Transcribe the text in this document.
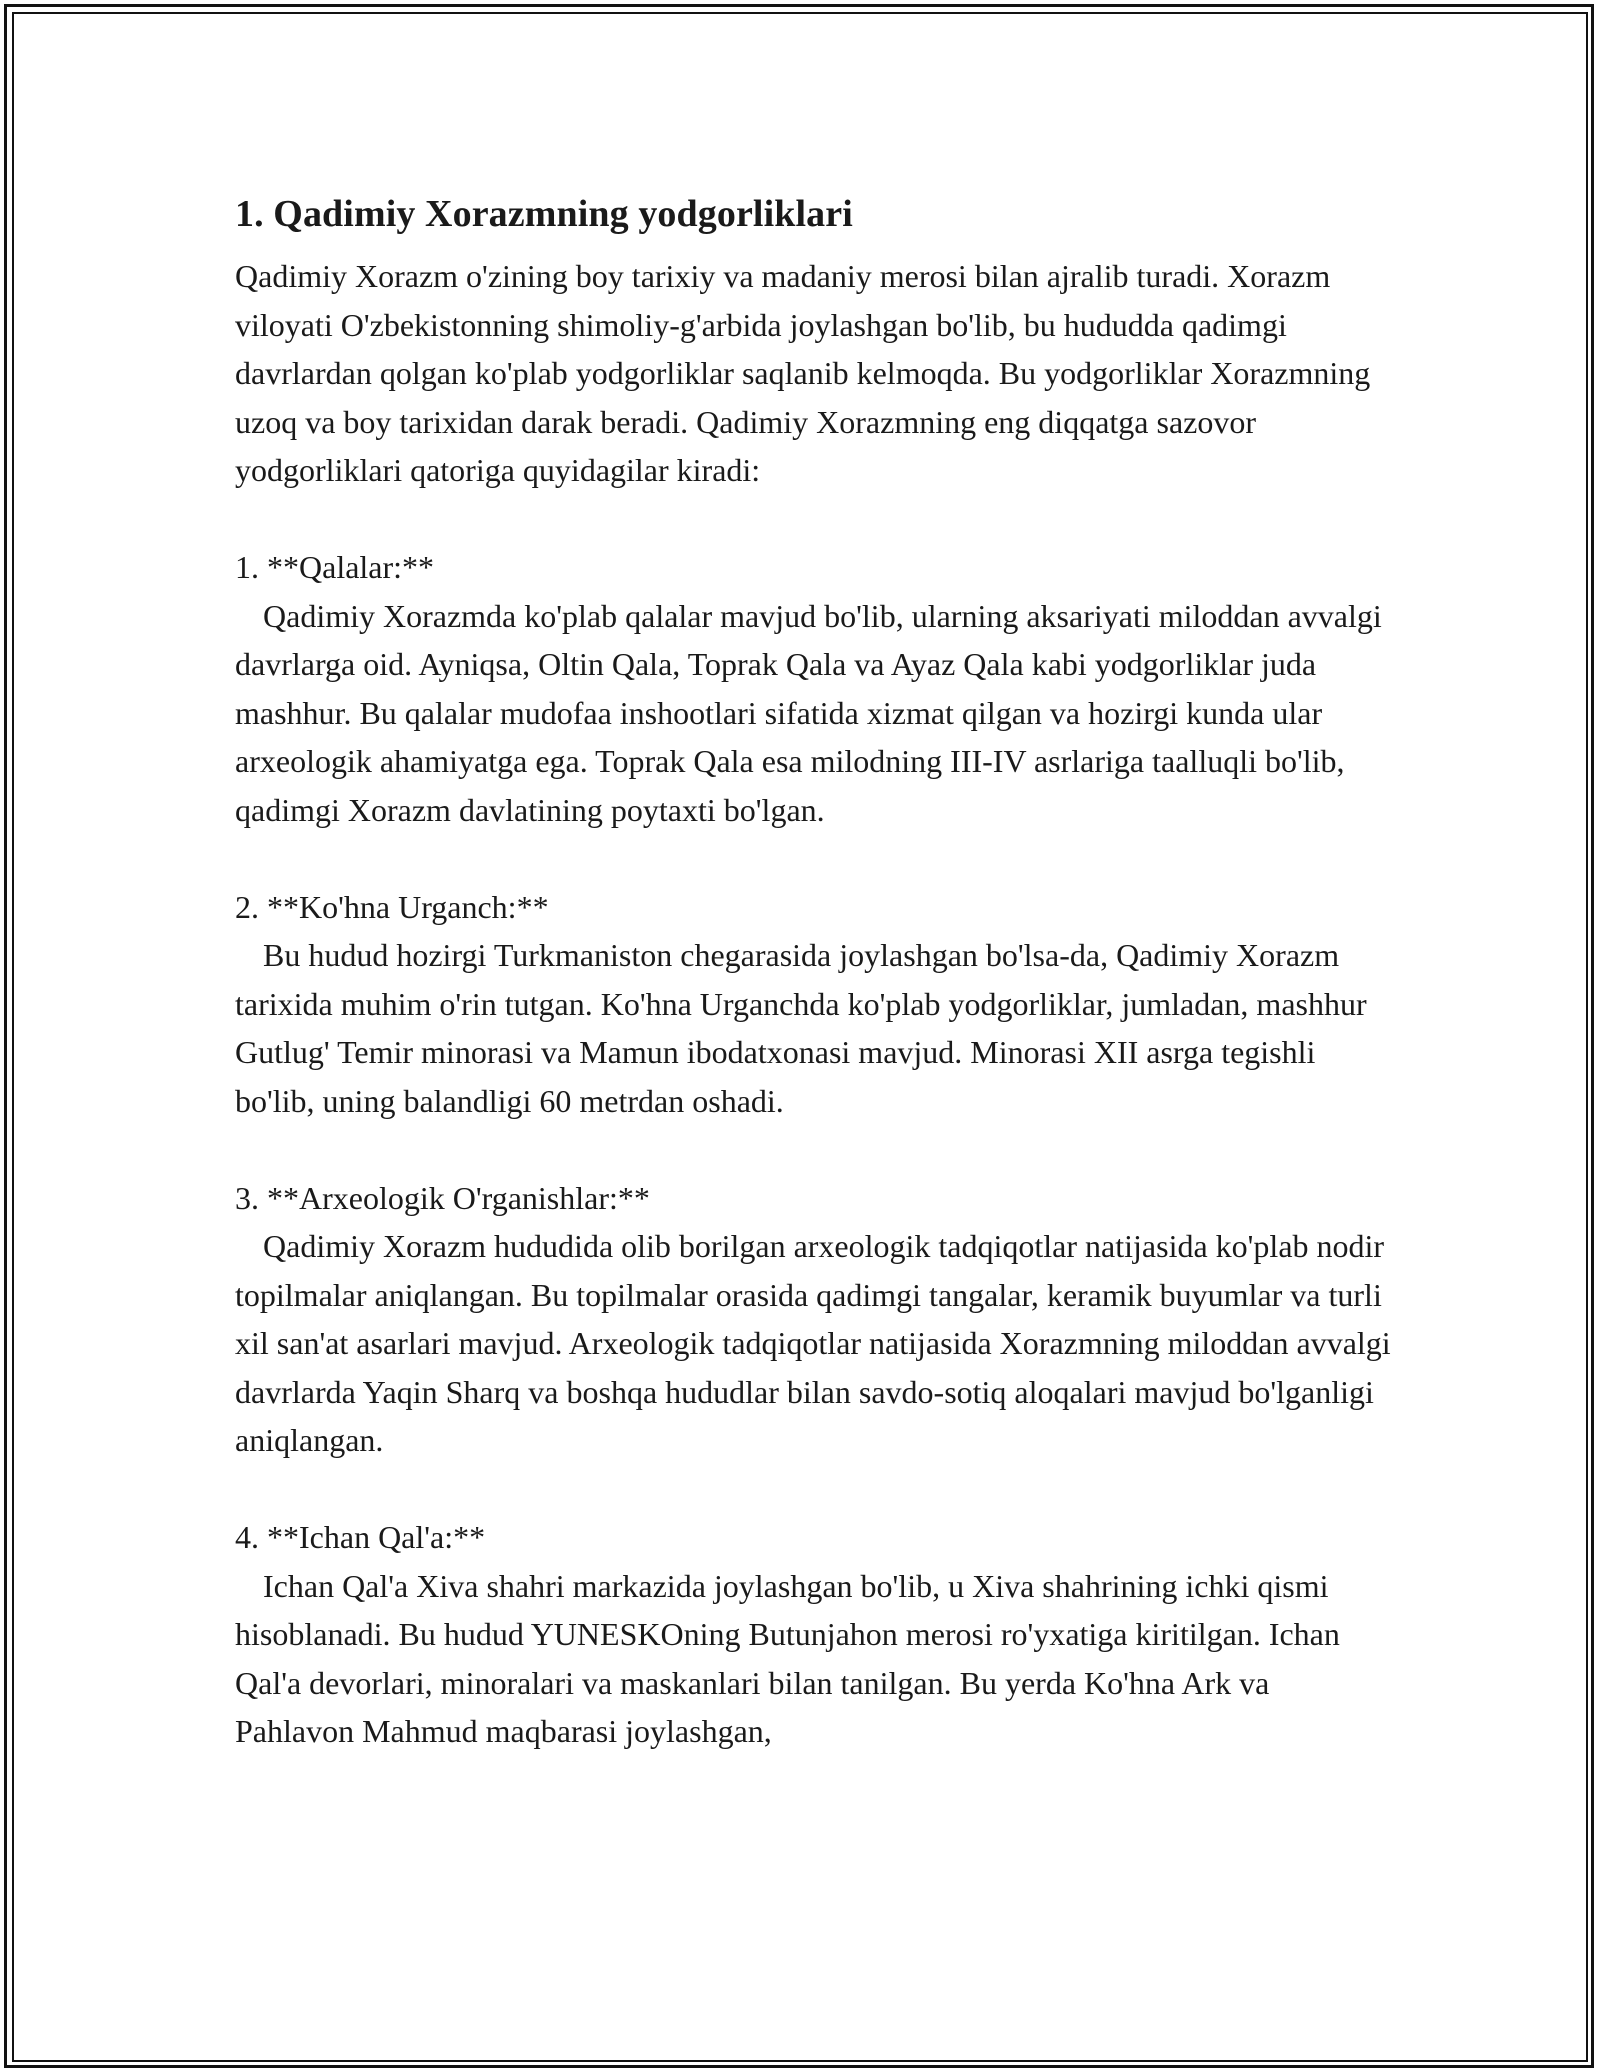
1. Qadimiy Xorazmning yodgorliklari

Qadimiy Xorazm o'zining boy tarixiy va madaniy merosi bilan ajralib turadi. Xorazm viloyati O'zbekistonning shimoliy-g'arbida joylashgan bo'lib, bu hududda qadimgi davrlardan qolgan ko'plab yodgorliklar saqlanib kelmoqda. Bu yodgorliklar Xorazmning uzoq va boy tarixidan darak beradi. Qadimiy Xorazmning eng diqqatga sazovor yodgorliklari qatoriga quyidagilar kiradi:

1. **Qalalar:**

Qadimiy Xorazmda ko'plab qalalar mavjud bo'lib, ularning aksariyati miloddan avvalgi davrlarga oid. Ayniqsa, Oltin Qala, Toprak Qala va Ayaz Qala kabi yodgorliklar juda mashhur. Bu qalalar mudofaa inshootlari sifatida xizmat qilgan va hozirgi kunda ular arxeologik ahamiyatga ega. Toprak Qala esa milodning III-IV asrlariga taalluqli bo'lib, qadimgi Xorazm davlatining poytaxti bo'lgan.

2. **Ko'hna Urganch:**

Bu hudud hozirgi Turkmaniston chegarasida joylashgan bo'lsa-da, Qadimiy Xorazm tarixida muhim o'rin tutgan. Ko'hna Urganchda ko'plab yodgorliklar, jumladan, mashhur Gutlug' Temir minorasi va Mamun ibodatxonasi mavjud. Minorasi XII asrga tegishli bo'lib, uning balandligi 60 metrdan oshadi.

3. **Arxeologik O'rganishlar:**

Qadimiy Xorazm hududida olib borilgan arxeologik tadqiqotlar natijasida ko'plab nodir topilmalar aniqlangan. Bu topilmalar orasida qadimgi tangalar, keramik buyumlar va turli xil san'at asarlari mavjud. Arxeologik tadqiqotlar natijasida Xorazmning miloddan avvalgi davrlarda Yaqin Sharq va boshqa hududlar bilan savdo-sotiq aloqalari mavjud bo'lganligi aniqlangan.

4. **Ichan Qal'a:**

Ichan Qal'a Xiva shahri markazida joylashgan bo'lib, u Xiva shahrining ichki qismi hisoblanadi. Bu hudud YUNESKOning Butunjahon merosi ro'yxatiga kiritilgan. Ichan Qal'a devorlari, minoralari va maskanlari bilan tanilgan. Bu yerda Ko'hna Ark va Pahlavon Mahmud maqbarasi joylashgan,
